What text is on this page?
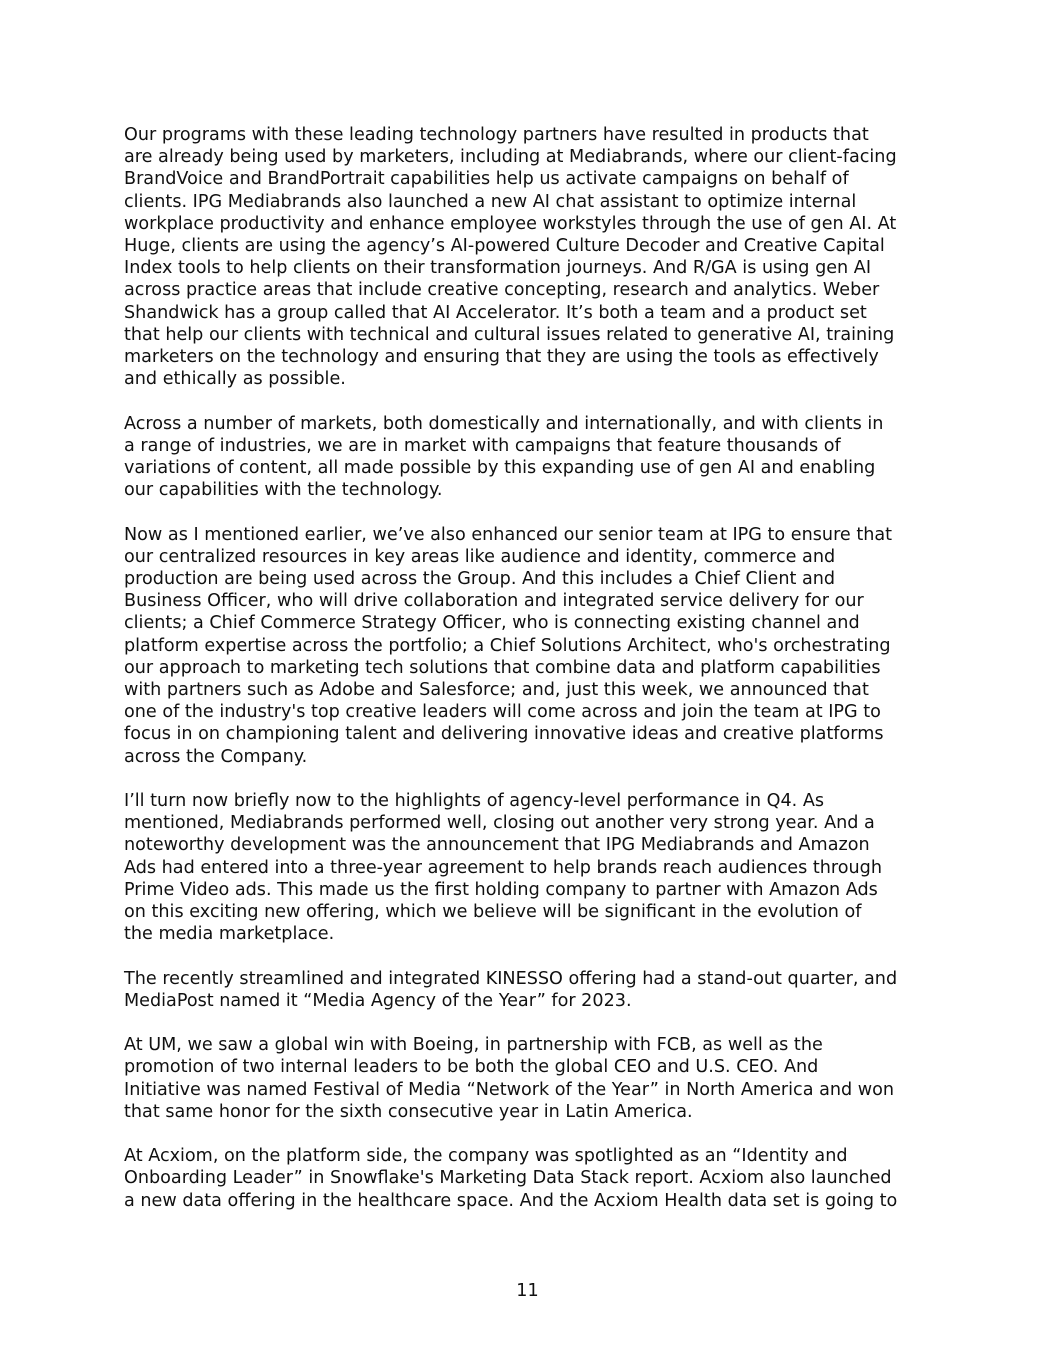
Our programs with these leading technology partners have resulted in products that
are already being used by marketers, including at Mediabrands, where our client-facing
BrandVoice and BrandPortrait capabilities help us activate campaigns on behalf of
clients. IPG Mediabrands also launched a new AI chat assistant to optimize internal
workplace productivity and enhance employee workstyles through the use of gen AI. At
Huge, clients are using the agency’s AI-powered Culture Decoder and Creative Capital
Index tools to help clients on their transformation journeys. And R/GA is using gen AI
across practice areas that include creative concepting, research and analytics. Weber
Shandwick has a group called that AI Accelerator. It’s both a team and a product set
that help our clients with technical and cultural issues related to generative AI, training
marketers on the technology and ensuring that they are using the tools as effectively
and ethically as possible.

Across a number of markets, both domestically and internationally, and with clients in
a range of industries, we are in market with campaigns that feature thousands of
variations of content, all made possible by this expanding use of gen AI and enabling
our capabilities with the technology.

Now as I mentioned earlier, we’ve also enhanced our senior team at IPG to ensure that
our centralized resources in key areas like audience and identity, commerce and
production are being used across the Group. And this includes a Chief Client and
Business Officer, who will drive collaboration and integrated service delivery for our
clients; a Chief Commerce Strategy Officer, who is connecting existing channel and
platform expertise across the portfolio; a Chief Solutions Architect, who's orchestrating
our approach to marketing tech solutions that combine data and platform capabilities
with partners such as Adobe and Salesforce; and, just this week, we announced that
one of the industry's top creative leaders will come across and join the team at IPG to
focus in on championing talent and delivering innovative ideas and creative platforms
across the Company.

I’ll turn now briefly now to the highlights of agency-level performance in Q4. As
mentioned, Mediabrands performed well, closing out another very strong year. And a
noteworthy development was the announcement that IPG Mediabrands and Amazon
Ads had entered into a three-year agreement to help brands reach audiences through
Prime Video ads. This made us the first holding company to partner with Amazon Ads
on this exciting new offering, which we believe will be significant in the evolution of
the media marketplace.

The recently streamlined and integrated KINESSO offering had a stand-out quarter, and
MediaPost named it “Media Agency of the Year” for 2023.

At UM, we saw a global win with Boeing, in partnership with FCB, as well as the
promotion of two internal leaders to be both the global CEO and U.S. CEO. And
Initiative was named Festival of Media “Network of the Year” in North America and won
that same honor for the sixth consecutive year in Latin America.

At Acxiom, on the platform side, the company was spotlighted as an “Identity and
Onboarding Leader” in Snowflake's Marketing Data Stack report. Acxiom also launched
a new data offering in the healthcare space. And the Acxiom Health data set is going to

11
